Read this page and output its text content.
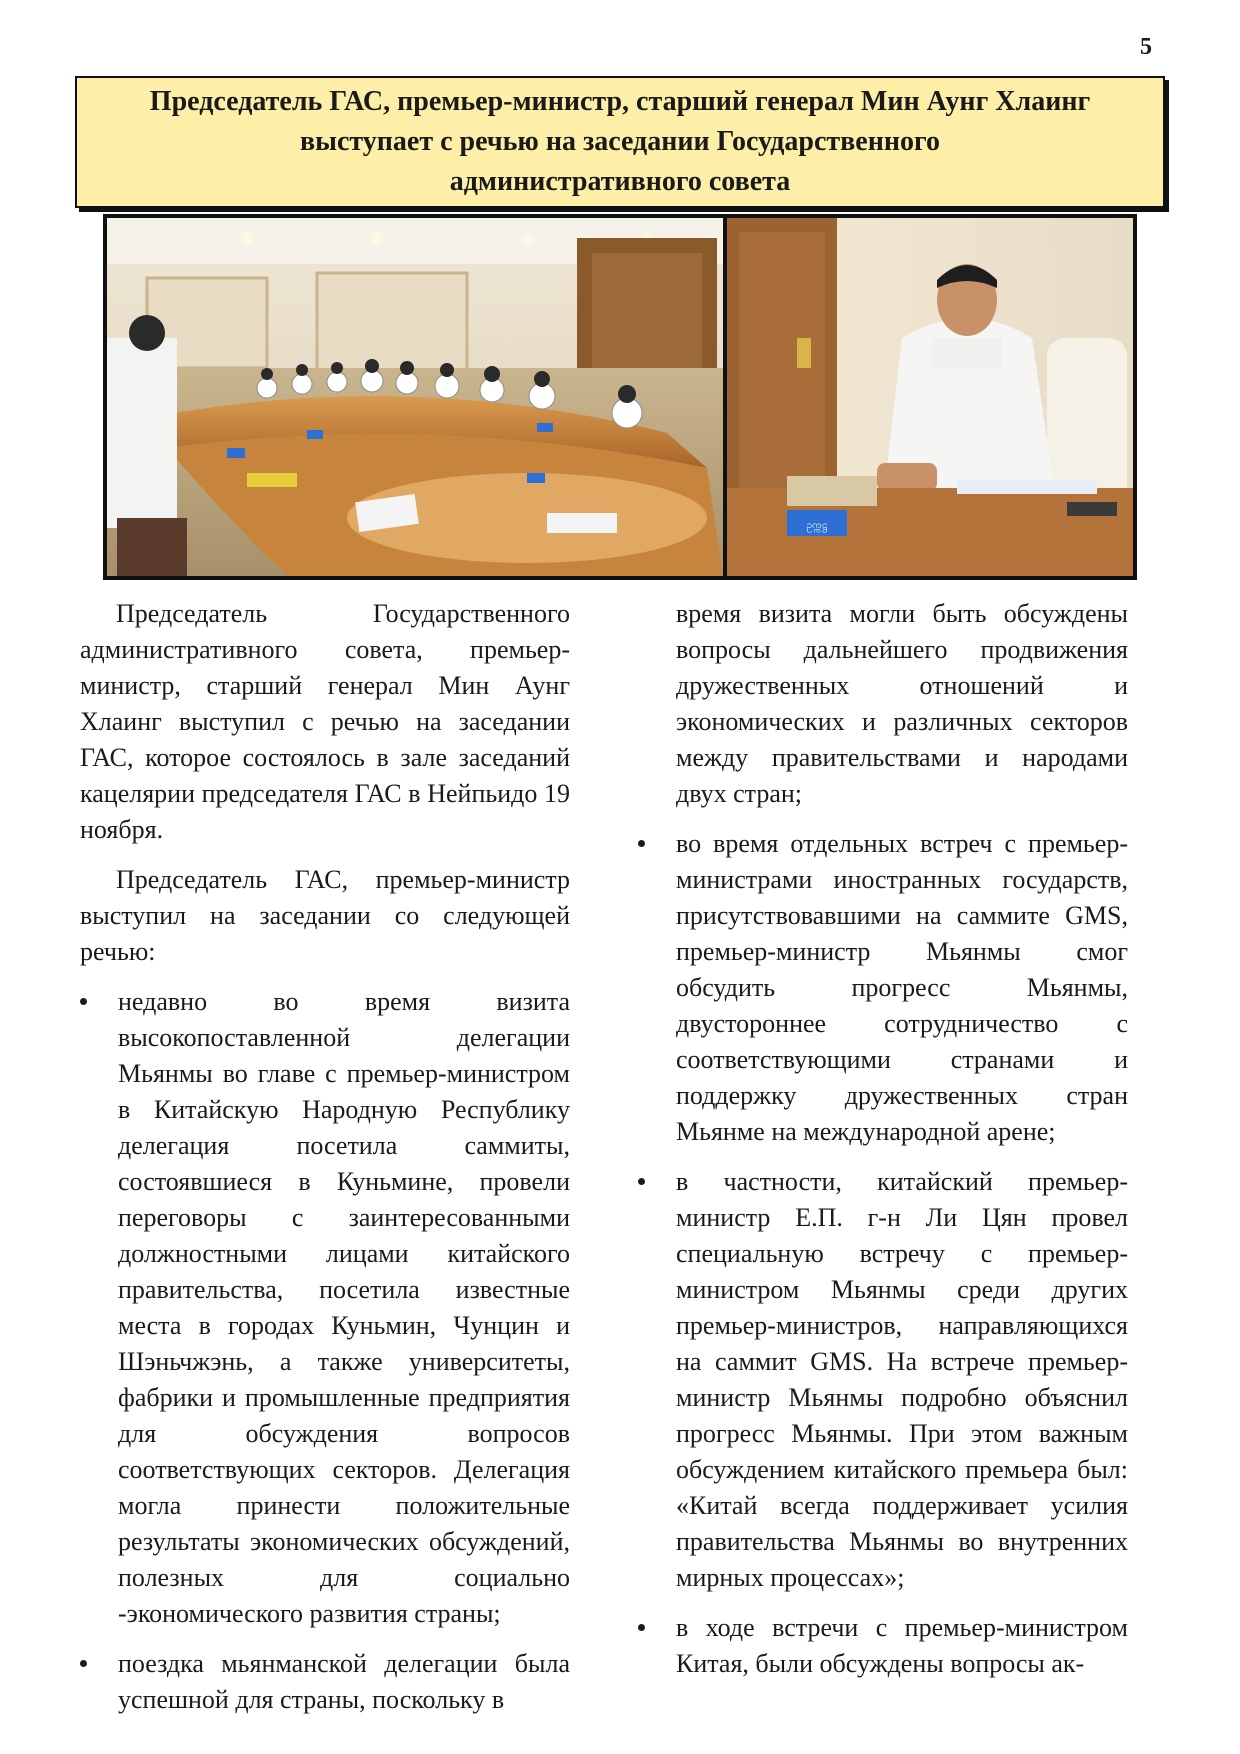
5
Председатель ГАС, премьер-министр, старший генерал Мин Аунг Хлаинг
выступает с речью на заседании Государственного
административного совета
ဥက္ကဋ္ဌ

Председатель Государственного административного совета, премьер-министр, старший генерал Мин Аунг Хлаинг выступил с речью на заседании ГАС, которое состоялось в зале заседаний кацелярии председателя ГАС в Нейпьидо 19 ноября.

Председатель ГАС, премьер-министр выступил на заседании со следующей речью:

недавно во время визита высокопоставленной делегации Мьянмы во главе с премьер-министром в Китайскую Народную Республику делегация посетила саммиты, состоявшиеся в Куньмине, провели переговоры с заинтересованными должностными лицами китайского правительства, посетила известные места в городах Куньмин, Чунцин и Шэньчжэнь, а также университеты, фабрики и промышленные предприятия для обсуждения вопросов соответствующих секторов. Делегация могла принести положительные результаты экономических обсуждений, полезных для социально -экономического развития страны;
поездка мьянманской делегации была успешной для страны, поскольку в

время визита могли быть обсуждены вопросы дальнейшего продвижения дружественных отношений и экономических и различных секторов между правительствами и народами двух стран;

во время отдельных встреч с премьер-министрами иностранных государств, присутствовавшими на саммите GMS, премьер-министр Мьянмы смог обсудить прогресс Мьянмы, двустороннее сотрудничество с соответствующими странами и поддержку дружественных стран Мьянме на международной арене;
в частности, китайский премьер-министр Е.П. г-н Ли Цян провел специальную встречу с премьер-министром Мьянмы среди других премьер-министров, направляющихся на саммит GMS. На встрече премьер-министр Мьянмы подробно объяснил прогресс Мьянмы. При этом важным обсуждением китайского премьера был: «Китай всегда поддерживает усилия правительства Мьянмы во внутренних мирных процессах»;
в ходе встречи с премьер-министром Китая, были обсуждены вопросы ак-
